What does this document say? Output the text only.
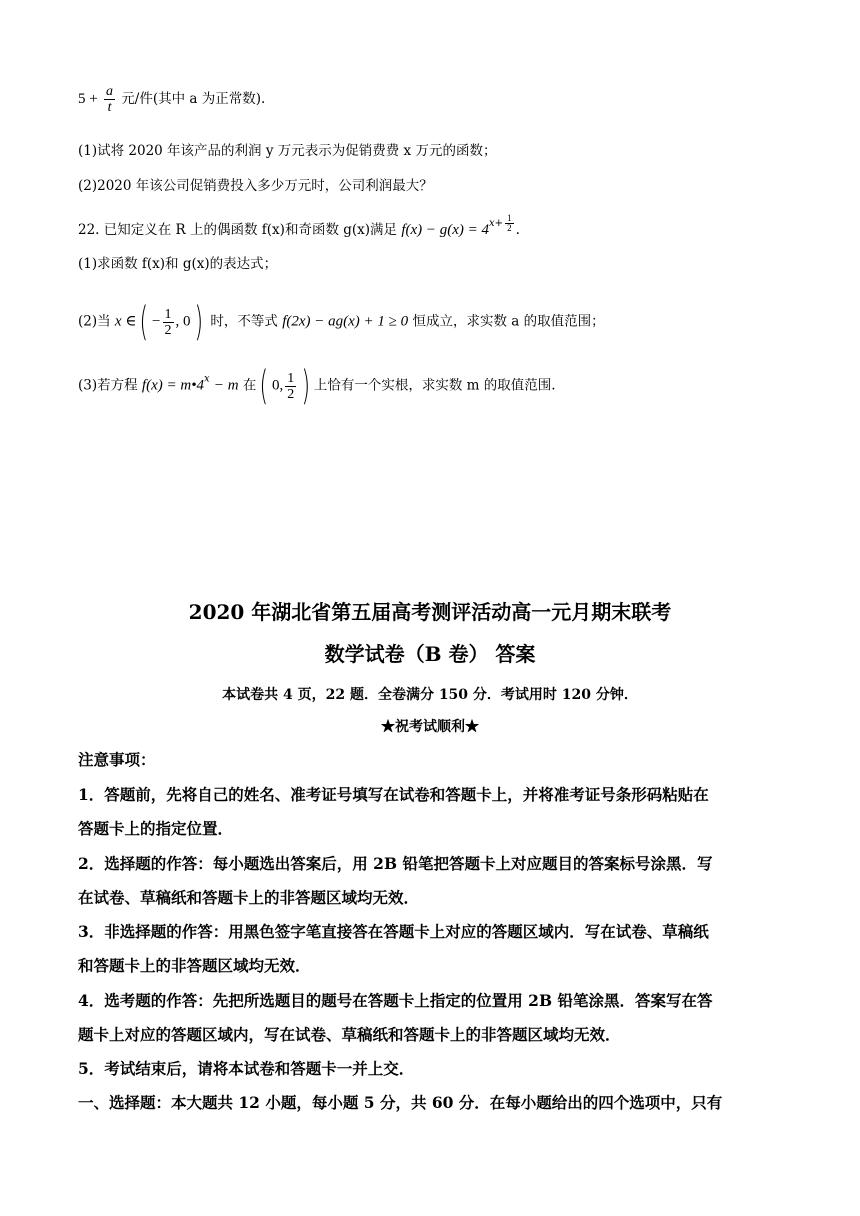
$5 + \frac{a}{t}$ 元/件(其中 a 为正常数).
(1)试将 2020 年该产品的利润 y 万元表示为促销费费 x 万元的函数；
(2)2020 年该公司促销费投入多少万元时，公司利润最大？
22. 已知定义在 R 上的偶函数 f(x)和奇函数 g(x)满足 $f(x) - g(x) = 4^{x+ \frac{1}{2}}$ .
(1)求函数 f(x)和 g(x)的表达式；
(2)当 x ∈( − $\frac{1}{2}$ , 0) 时，不等式 f(2x) − ag(x) + 1 ≥ 0 恒成立，求实数 a 的取值范围；
(3)若方程 $f(x) = m•4^x - m$ 在( 0, $\frac{1}{2}$ ) 上恰有一个实根，求实数 m 的取值范围.
2020 年湖北省第五届高考测评活动高一元月期末联考
数学试卷（B 卷） 答案
本试卷共 4 页，22 题．全卷满分 150 分．考试用时 120 分钟．
★祝考试顺利★
注意事项：
1．答题前，先将自己的姓名、准考证号填写在试卷和答题卡上，并将准考证号条形码粘贴在
答题卡上的指定位置．
2．选择题的作答：每小题选出答案后，用 2B 铅笔把答题卡上对应题目的答案标号涂黑．写
在试卷、草稿纸和答题卡上的非答题区域均无效．
3．非选择题的作答：用黑色签字笔直接答在答题卡上对应的答题区域内．写在试卷、草稿纸
和答题卡上的非答题区域均无效．
4．选考题的作答：先把所选题目的题号在答题卡上指定的位置用 2B 铅笔涂黑．答案写在答
题卡上对应的答题区域内，写在试卷、草稿纸和答题卡上的非答题区域均无效．
5．考试结束后，请将本试卷和答题卡一并上交．
一、选择题：本大题共 12 小题，每小题 5 分，共 60 分．在每小题给出的四个选项中，只有
